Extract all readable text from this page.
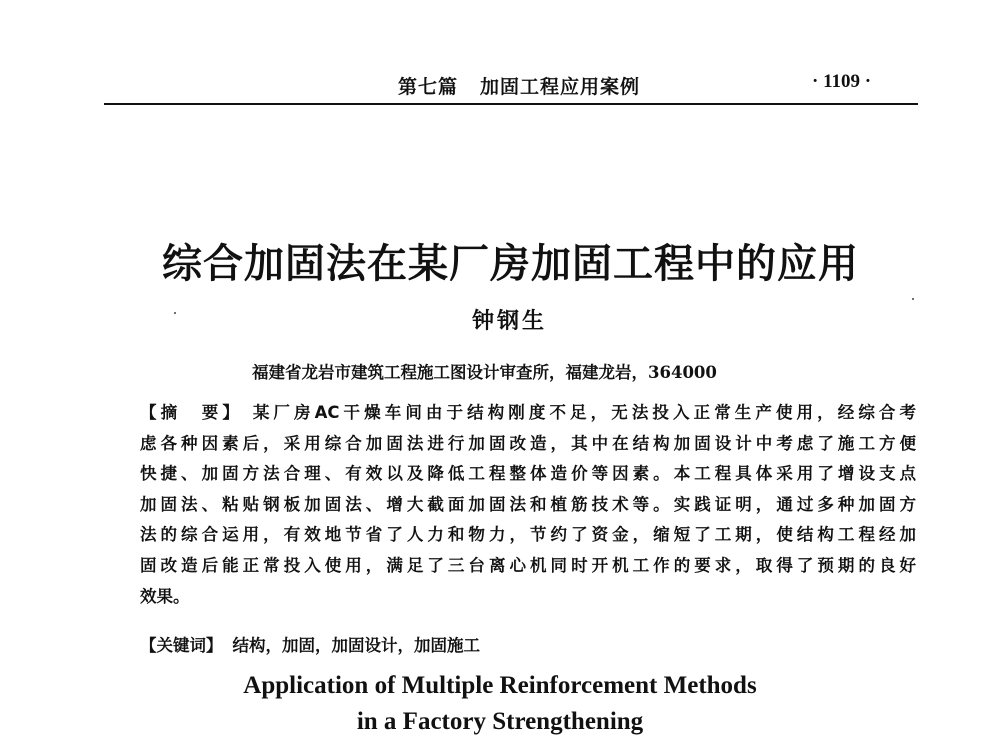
第七篇 加固工程应用案例	· 1109 ·
综合加固法在某厂房加固工程中的应用
钟钢生
福建省龙岩市建筑工程施工图设计审查所，福建龙岩，364000
【摘　要】 某厂房AC干燥车间由于结构刚度不足，无法投入正常生产使用，经综合考
虑各种因素后，采用综合加固法进行加固改造，其中在结构加固设计中考虑了施工方便
快捷、加固方法合理、有效以及降低工程整体造价等因素。本工程具体采用了增设支点
加固法、粘贴钢板加固法、增大截面加固法和植筋技术等。实践证明，通过多种加固方
法的综合运用，有效地节省了人力和物力，节约了资金，缩短了工期，使结构工程经加
固改造后能正常投入使用，满足了三台离心机同时开机工作的要求，取得了预期的良好
效果。
【关键词】 结构，加固，加固设计，加固施工
Application of Multiple Reinforcement Methods
in a Factory Strengthening
